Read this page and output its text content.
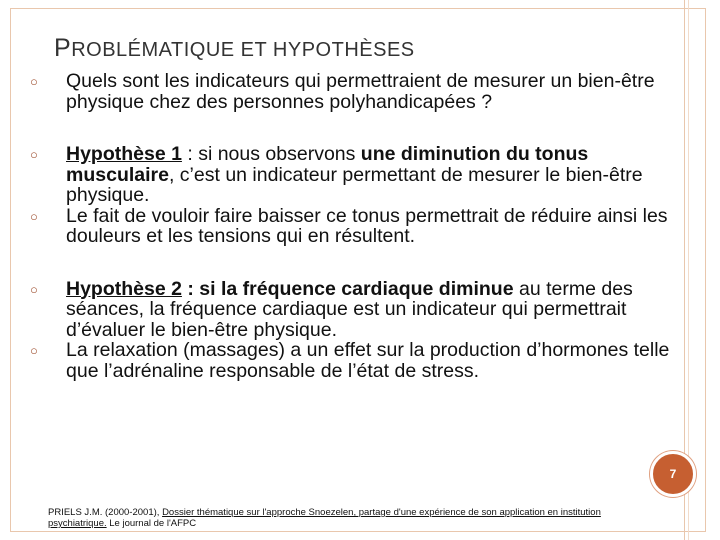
PROBLÉMATIQUE ET HYPOTHÈSES
○ Quels sont les indicateurs qui permettraient de mesurer un bien-être physique chez des personnes polyhandicapées ?
○ Hypothèse 1 : si nous observons une diminution du tonus musculaire, c’est un indicateur permettant de mesurer le bien-être physique.
○ Le fait de vouloir faire baisser ce tonus permettrait de réduire ainsi les douleurs et les tensions qui en résultent.
○ Hypothèse 2 : si la fréquence cardiaque diminue au terme des séances, la fréquence cardiaque est un indicateur qui permettrait d’évaluer le bien-être physique.
○ La relaxation (massages) a un effet sur la production d’hormones telle que l’adrénaline responsable de l’état de stress.
7
PRIELS J.M. (2000-2001), Dossier thématique sur l'approche Snoezelen, partage d'une expérience de son application en institution psychiatrique. Le journal de l'AFPC
